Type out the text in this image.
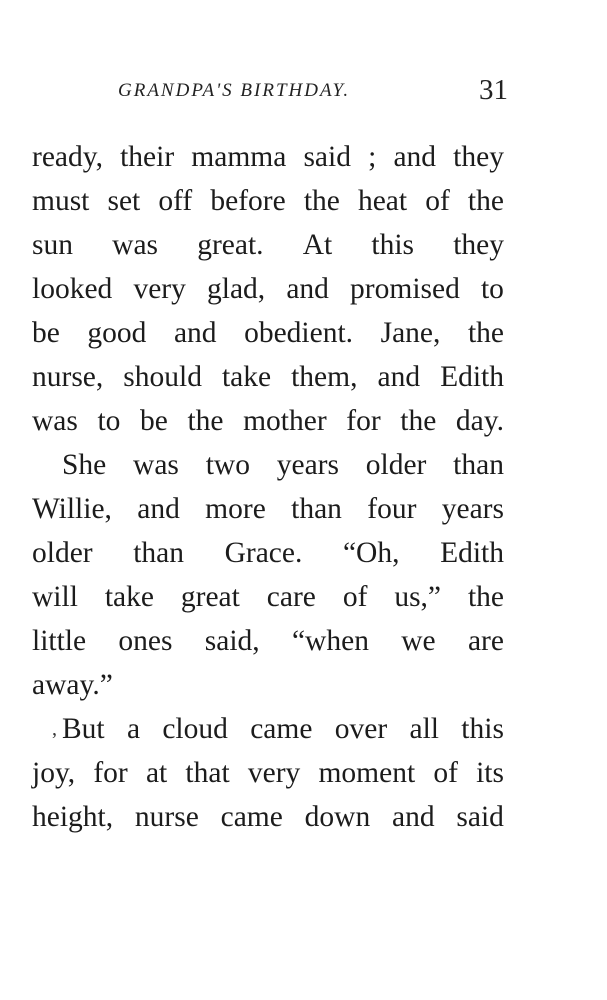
GRANDPA'S BIRTHDAY.	31
ready, their mamma said ; and they
must set off before the heat of the
sun was great. At this they
looked very glad, and promised to
be good and obedient. Jane, the
nurse, should take them, and Edith
was to be the mother for the day.
She was two years older than
Willie, and more than four years
older than Grace. “Oh, Edith
will take great care of us,” the
little ones said, “when we are
away.”
, But a cloud came over all this
joy, for at that very moment of its
height, nurse came down and said
